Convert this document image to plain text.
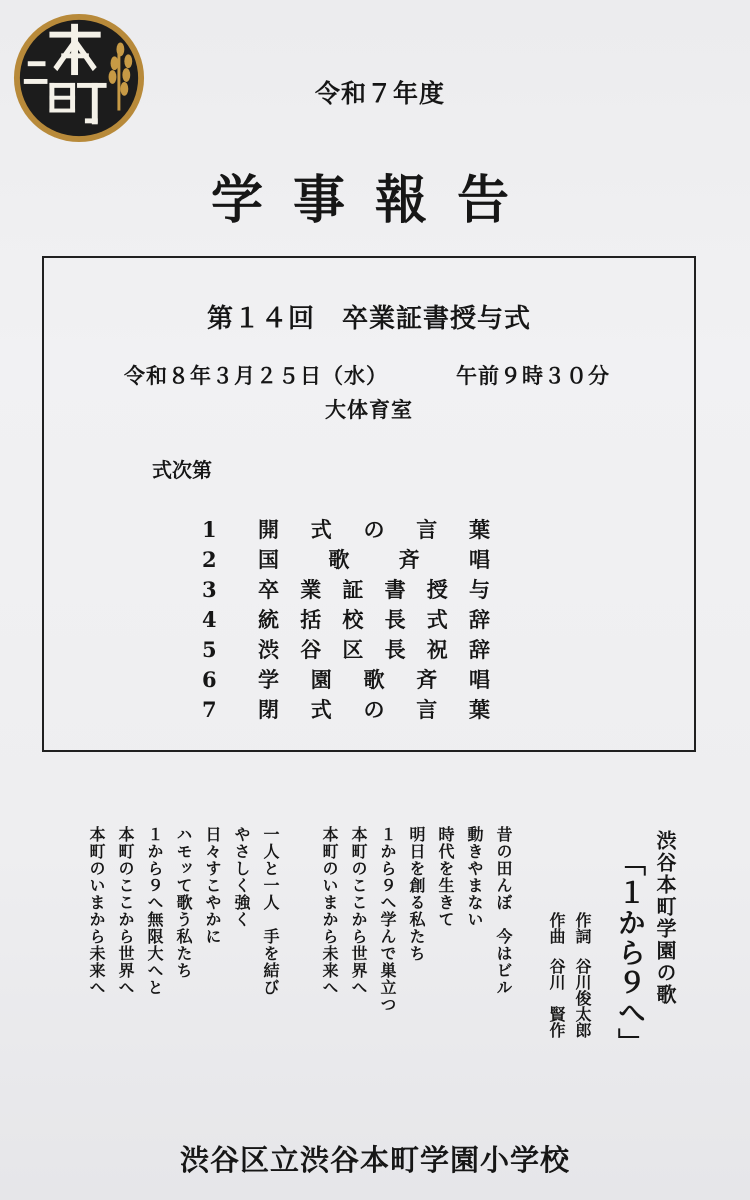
令和７年度
学事報告
第１４回　卒業証書授与式
令和８年３月２５日（水）	午前９時３０分
大体育室
式次第
1	開 式 の 言 葉
2	国 歌 斉 唱
3	卒 業 証 書 授 与
4	統 括 校 長 式 辞
5	渋 谷 区 長 祝 辞
6	学 園 歌 斉 唱
7	閉 式 の 言 葉
渋谷本町学園の歌
「１から９へ」
作詞谷川俊太郎
作曲谷川　賢作
昔の田んぼ　今はビル
動きやまない
時代を生きて
明日を創る私たち
１から９へ学んで巣立つ
本町のここから世界へ
本町のいまから未来へ
一人と一人　手を結び
やさしく強く
日々すこやかに
ハモッて歌う私たち
１から９へ無限大へと
本町のここから世界へ
本町のいまから未来へ
渋谷区立渋谷本町学園小学校
